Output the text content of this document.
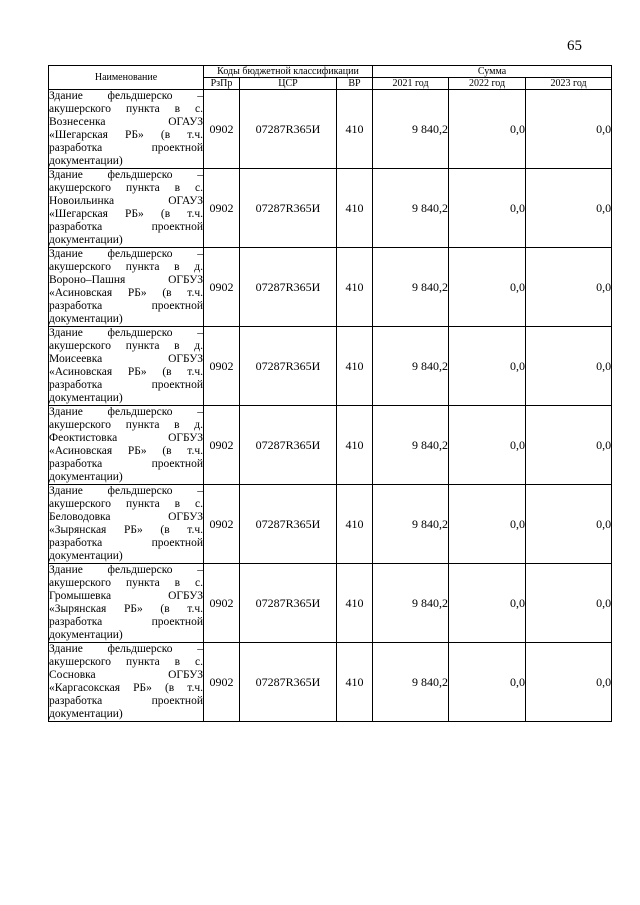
65
Наименование	Коды бюджетной классификации			Сумма		
	РзПр	ЦСР	ВР	2021 год	2022 год	2023 год
Здание фельдшерско – акушерского пункта в с. Вознесенка ОГАУЗ «Шегарская РБ» (в т.ч. разработка проектной документации)	0902	07287R365И	410	9 840,2	0,0	0,0
Здание фельдшерско – акушерского пункта в с. Новоильинка ОГАУЗ «Шегарская РБ» (в т.ч. разработка проектной документации)	0902	07287R365И	410	9 840,2	0,0	0,0
Здание фельдшерско – акушерского пункта в д. Вороно–Пашня ОГБУЗ «Асиновская РБ» (в т.ч. разработка проектной документации)	0902	07287R365И	410	9 840,2	0,0	0,0
Здание фельдшерско – акушерского пункта в д. Моисеевка ОГБУЗ «Асиновская РБ» (в т.ч. разработка проектной документации)	0902	07287R365И	410	9 840,2	0,0	0,0
Здание фельдшерско – акушерского пункта в д. Феоктистовка ОГБУЗ «Асиновская РБ» (в т.ч. разработка проектной документации)	0902	07287R365И	410	9 840,2	0,0	0,0
Здание фельдшерско – акушерского пункта в с. Беловодовка ОГБУЗ «Зырянская РБ» (в т.ч. разработка проектной документации)	0902	07287R365И	410	9 840,2	0,0	0,0
Здание фельдшерско – акушерского пункта в с. Громышевка ОГБУЗ «Зырянская РБ» (в т.ч. разработка проектной документации)	0902	07287R365И	410	9 840,2	0,0	0,0
Здание фельдшерско – акушерского пункта в с. Сосновка ОГБУЗ «Каргасокская РБ» (в т.ч. разработка проектной документации)	0902	07287R365И	410	9 840,2	0,0	0,0
